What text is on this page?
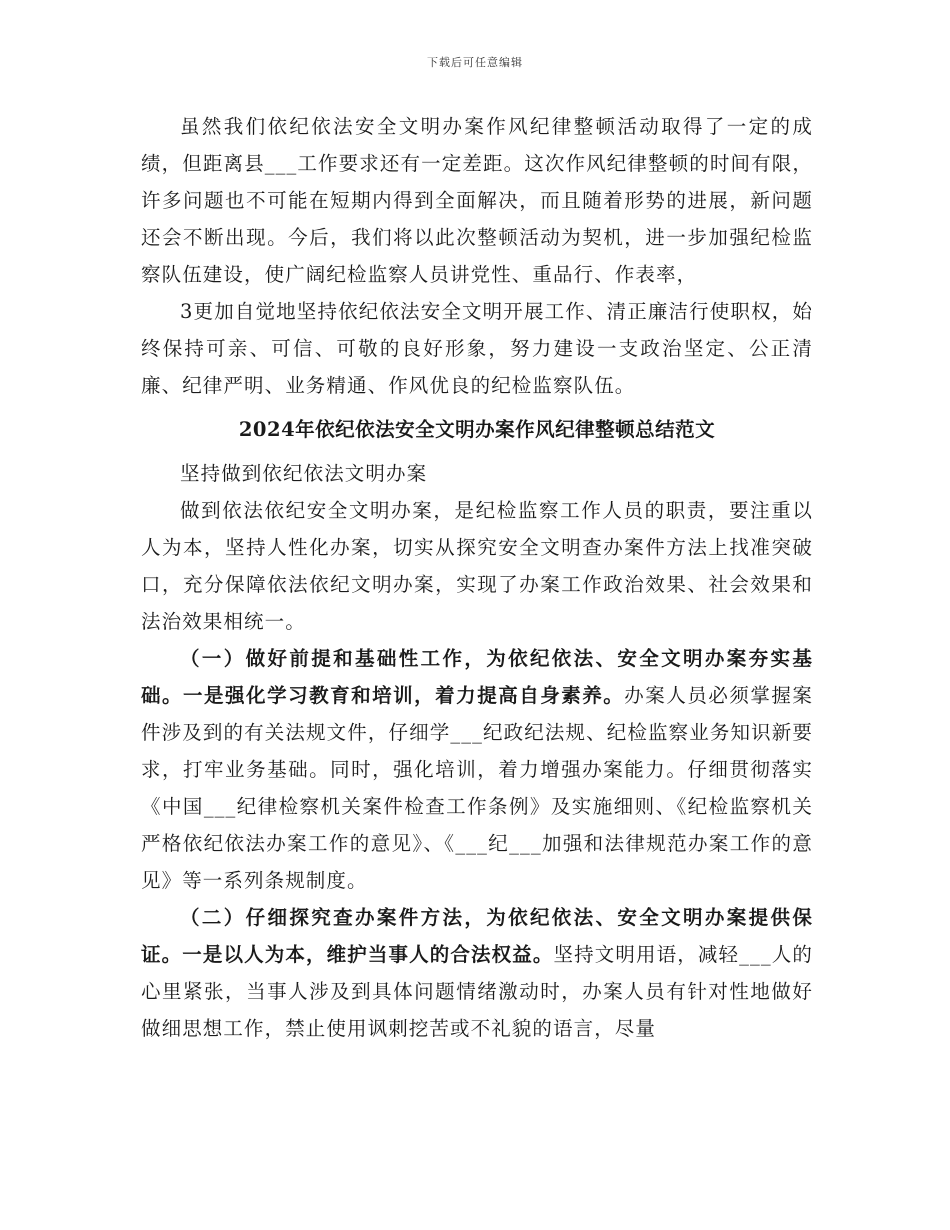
下载后可任意编辑

虽然我们依纪依法安全文明办案作风纪律整顿活动取得了一定的成绩，但距离县___工作要求还有一定差距。这次作风纪律整顿的时间有限，许多问题也不可能在短期内得到全面解决，而且随着形势的进展，新问题还会不断出现。今后，我们将以此次整顿活动为契机，进一步加强纪检监察队伍建设，使广阔纪检监察人员讲党性、重品行、作表率，

3更加自觉地坚持依纪依法安全文明开展工作、清正廉洁行使职权，始终保持可亲、可信、可敬的良好形象，努力建设一支政治坚定、公正清廉、纪律严明、业务精通、作风优良的纪检监察队伍。

2024年依纪依法安全文明办案作风纪律整顿总结范文

坚持做到依纪依法文明办案

做到依法依纪安全文明办案，是纪检监察工作人员的职责，要注重以人为本，坚持人性化办案，切实从探究安全文明查办案件方法上找准突破口，充分保障依法依纪文明办案，实现了办案工作政治效果、社会效果和法治效果相统一。

（一）做好前提和基础性工作，为依纪依法、安全文明办案夯实基础。一是强化学习教育和培训，着力提高自身素养。办案人员必须掌握案件涉及到的有关法规文件，仔细学___纪政纪法规、纪检监察业务知识新要求，打牢业务基础。同时，强化培训，着力增强办案能力。仔细贯彻落实《中国___纪律检察机关案件检查工作条例》及实施细则、《纪检监察机关严格依纪依法办案工作的意见》、《___纪___加强和法律规范办案工作的意见》等一系列条规制度。

（二）仔细探究查办案件方法，为依纪依法、安全文明办案提供保证。一是以人为本，维护当事人的合法权益。坚持文明用语，减轻___人的心里紧张，当事人涉及到具体问题情绪激动时，办案人员有针对性地做好做细思想工作，禁止使用讽刺挖苦或不礼貌的语言，尽量
